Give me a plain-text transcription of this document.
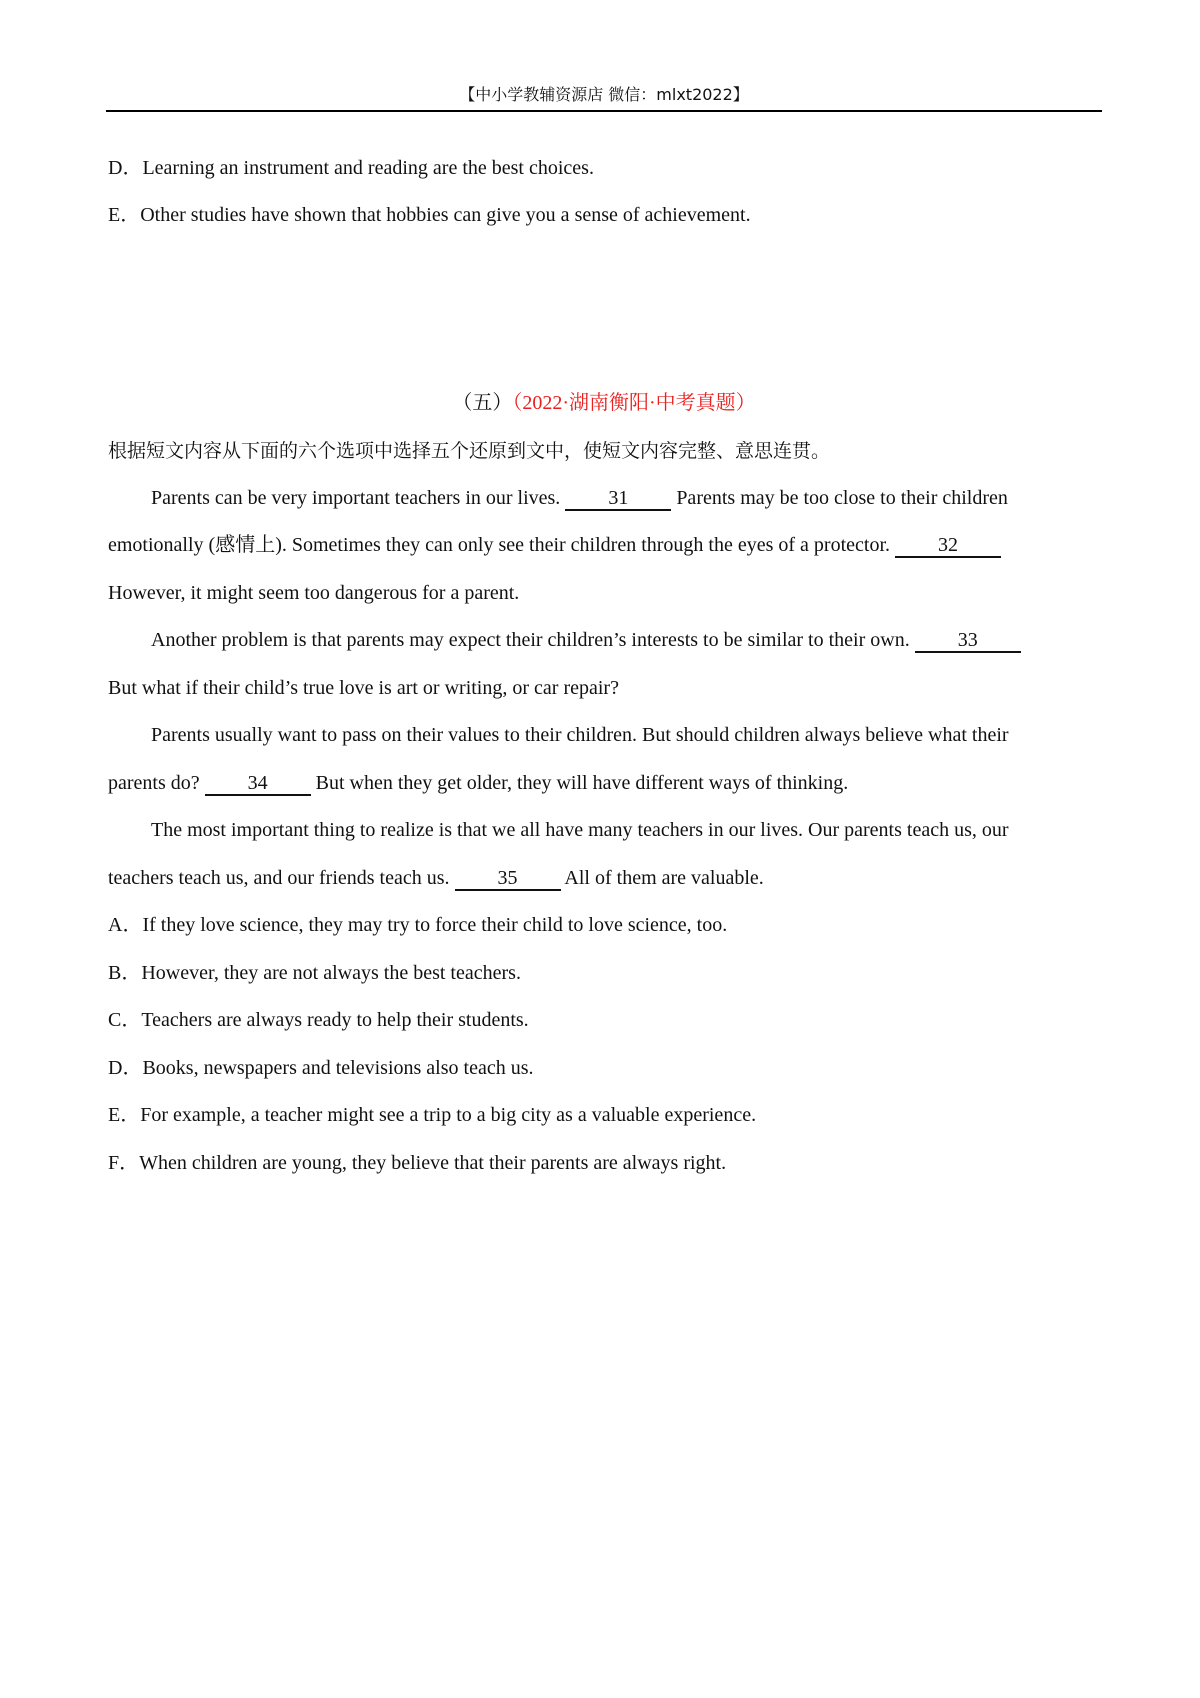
【中小学教辅资源店 微信：mlxt2022】
D．Learning an instrument and reading are the best choices.
E．Other studies have shown that hobbies can give you a sense of achievement.
（五）（2022·湖南衡阳·中考真题）
根据短文内容从下面的六个选项中选择五个还原到文中，使短文内容完整、意思连贯。
Parents can be very important teachers in our lives. 31 Parents may be too close to their children
emotionally (感情上). Sometimes they can only see their children through the eyes of a protector. 32
However, it might seem too dangerous for a parent.
Another problem is that parents may expect their children’s interests to be similar to their own. 33
But what if their child’s true love is art or writing, or car repair?
Parents usually want to pass on their values to their children. But should children always believe what their
parents do? 34 But when they get older, they will have different ways of thinking.
The most important thing to realize is that we all have many teachers in our lives. Our parents teach us, our
teachers teach us, and our friends teach us. 35 All of them are valuable.
A．If they love science, they may try to force their child to love science, too.
B．However, they are not always the best teachers.
C．Teachers are always ready to help their students.
D．Books, newspapers and televisions also teach us.
E．For example, a teacher might see a trip to a big city as a valuable experience.
F．When children are young, they believe that their parents are always right.
